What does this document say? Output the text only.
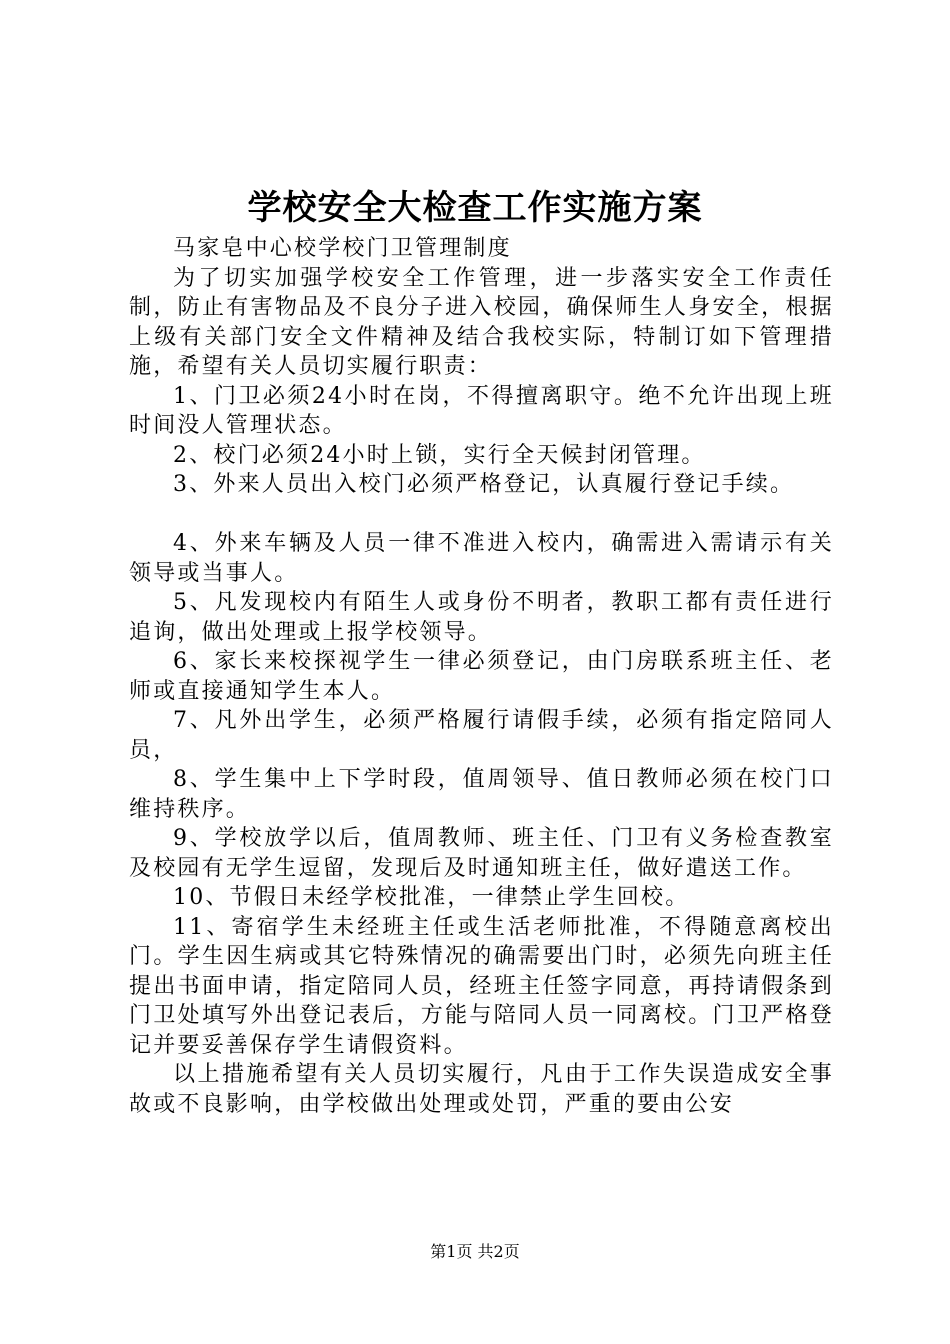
学校安全大检查工作实施方案

马家皂中心校学校门卫管理制度

为了切实加强学校安全工作管理，进一步落实安全工作责任制，防止有害物品及不良分子进入校园，确保师生人身安全，根据上级有关部门安全文件精神及结合我校实际，特制订如下管理措施，希望有关人员切实履行职责：

1、门卫必须24小时在岗，不得擅离职守。绝不允许出现上班时间没人管理状态。

2、校门必须24小时上锁，实行全天候封闭管理。

3、外来人员出入校门必须严格登记，认真履行登记手续。

4、外来车辆及人员一律不准进入校内，确需进入需请示有关领导或当事人。

5、凡发现校内有陌生人或身份不明者，教职工都有责任进行追询，做出处理或上报学校领导。

6、家长来校探视学生一律必须登记，由门房联系班主任、老师或直接通知学生本人。

7、凡外出学生，必须严格履行请假手续，必须有指定陪同人员，

8、学生集中上下学时段，值周领导、值日教师必须在校门口维持秩序。

9、学校放学以后，值周教师、班主任、门卫有义务检查教室及校园有无学生逗留，发现后及时通知班主任，做好遣送工作。

10、节假日未经学校批准，一律禁止学生回校。

11、寄宿学生未经班主任或生活老师批准，不得随意离校出门。学生因生病或其它特殊情况的确需要出门时，必须先向班主任提出书面申请，指定陪同人员，经班主任签字同意，再持请假条到门卫处填写外出登记表后，方能与陪同人员一同离校。门卫严格登记并要妥善保存学生请假资料。

以上措施希望有关人员切实履行，凡由于工作失误造成安全事故或不良影响，由学校做出处理或处罚，严重的要由公安

第1页 共2页
